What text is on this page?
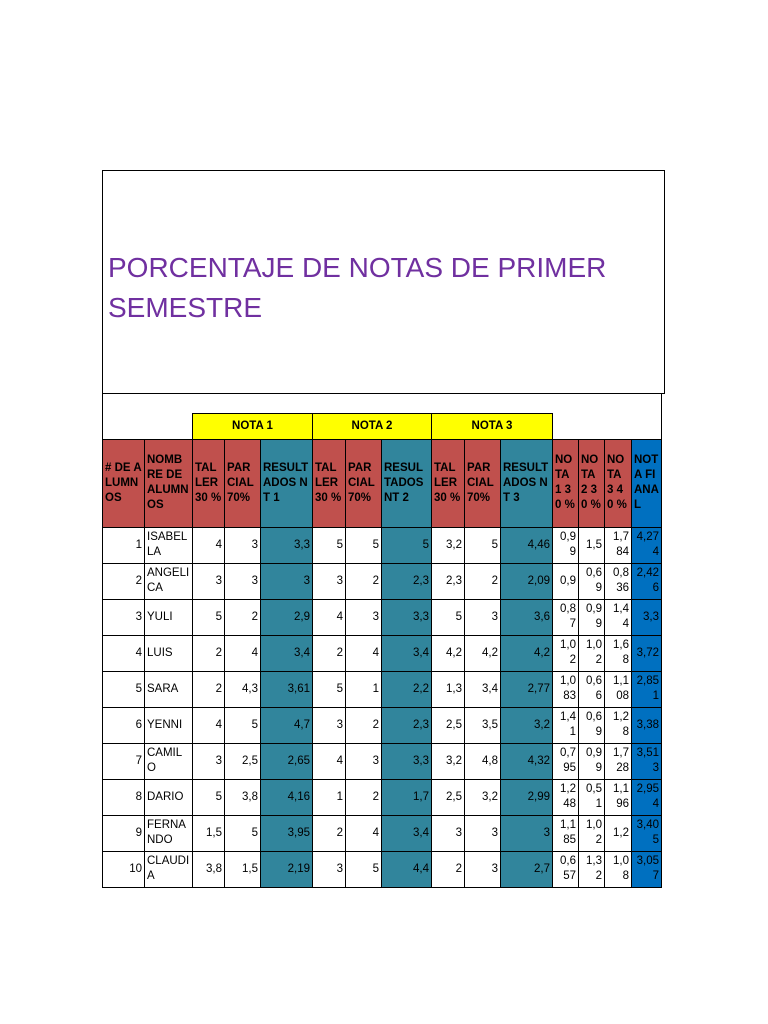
PORCENTAJE DE NOTAS DE PRIMER SEMESTRE

		NOTA 1			NOTA 2			NOTA 3						
# DE ALUMNOS	NOMBRE DE ALUMNOS	TALLER 30 %	PARCIAL 70%	RESULTADOS NT 1	TALLER 30 %	PARCIAL 70%	RESULTADOS NT 2	TALLER 30 %	PARCIAL 70%	RESULTADOS NT 3	NOTA 1 30 %	NOTA 2 30 %	NOTA 3 40 %	NOTA FIANAL
1	ISABELLA	4	3	3,3	5	5	5	3,2	5	4,46	0,99	1,5	1,784	4,274
2	ANGELICA	3	3	3	3	2	2,3	2,3	2	2,09	0,9	0,69	0,836	2,426
3	YULI	5	2	2,9	4	3	3,3	5	3	3,6	0,87	0,99	1,44	3,3
4	LUIS	2	4	3,4	2	4	3,4	4,2	4,2	4,2	1,02	1,02	1,68	3,72
5	SARA	2	4,3	3,61	5	1	2,2	1,3	3,4	2,77	1,083	0,66	1,108	2,851
6	YENNI	4	5	4,7	3	2	2,3	2,5	3,5	3,2	1,41	0,69	1,28	3,38
7	CAMILO	3	2,5	2,65	4	3	3,3	3,2	4,8	4,32	0,795	0,99	1,728	3,513
8	DARIO	5	3,8	4,16	1	2	1,7	2,5	3,2	2,99	1,248	0,51	1,196	2,954
9	FERNANDO	1,5	5	3,95	2	4	3,4	3	3	3	1,185	1,02	1,2	3,405
10	CLAUDIA	3,8	1,5	2,19	3	5	4,4	2	3	2,7	0,657	1,32	1,08	3,057
